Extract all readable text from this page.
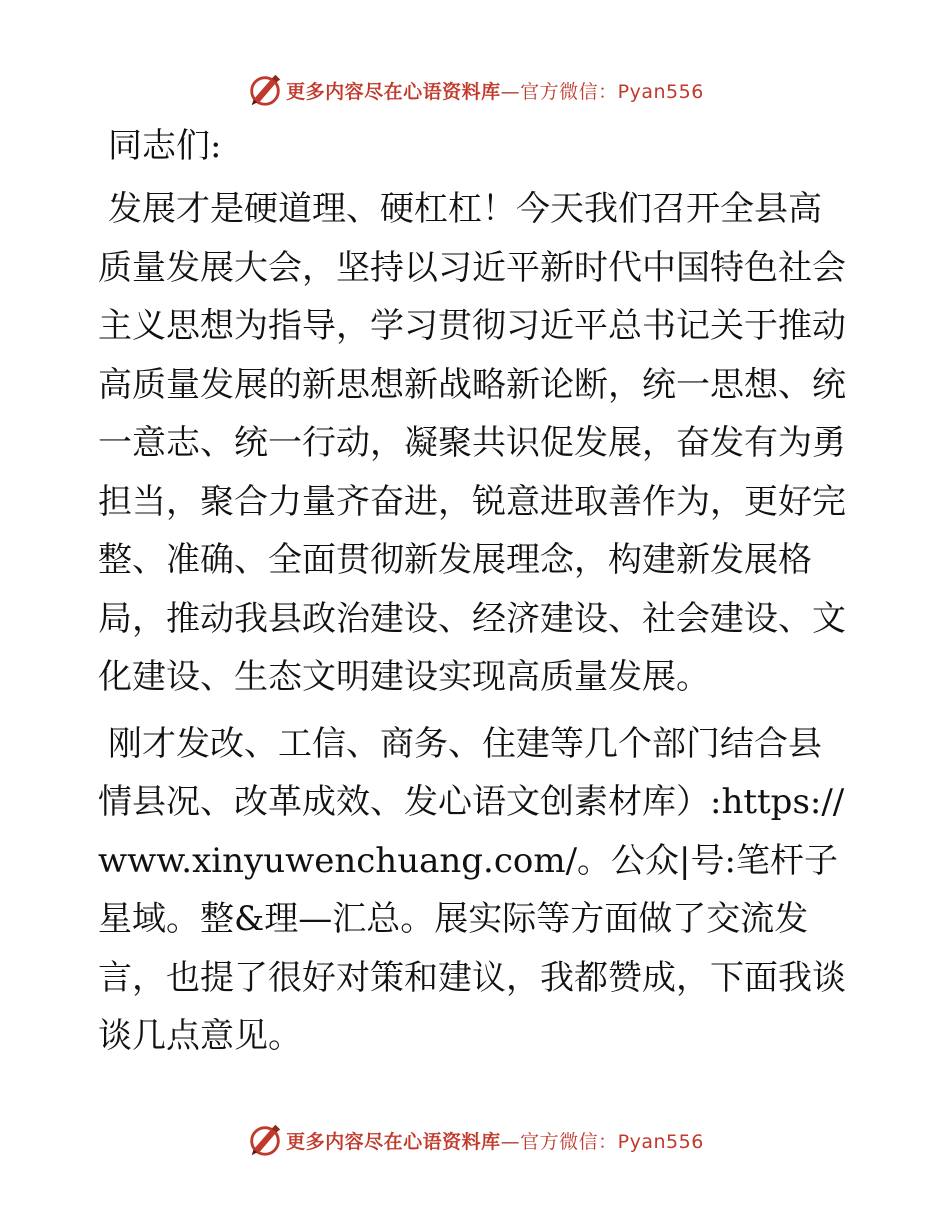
更多内容尽在心语资料库—官方微信：Pyan556
同志们:

发展才是硬道理、硬杠杠！今天我们召开全县高质量发展大会，坚持以习近平新时代中国特色社会主义思想为指导，学习贯彻习近平总书记关于推动高质量发展的新思想新战略新论断，统一思想、统一意志、统一行动，凝聚共识促发展，奋发有为勇担当，聚合力量齐奋进，锐意进取善作为，更好完整、准确、全面贯彻新发展理念，构建新发展格局，推动我县政治建设、经济建设、社会建设、文化建设、生态文明建设实现高质量发展。

刚才发改、工信、商务、住建等几个部门结合县情县况、改革成效、发心语文创素材库）:https://www.xinyuwenchuang.com/。公众|号:笔杆子星域。整&理—汇总。展实际等方面做了交流发言，也提了很好对策和建议，我都赞成，下面我谈谈几点意见。

更多内容尽在心语资料库—官方微信：Pyan556
